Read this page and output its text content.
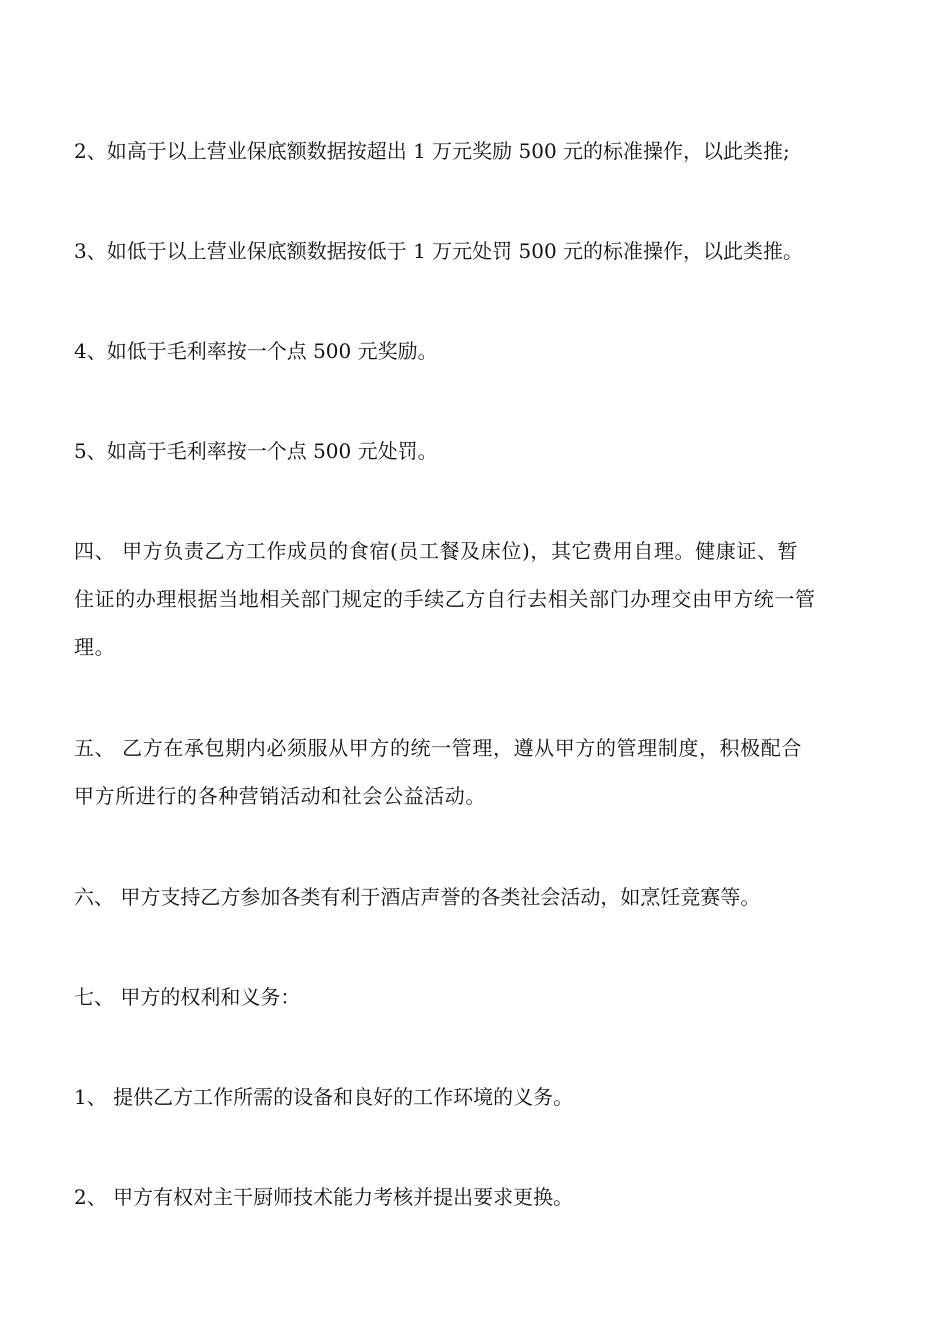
2、如高于以上营业保底额数据按超出 1 万元奖励 500 元的标准操作，以此类推;
3、如低于以上营业保底额数据按低于 1 万元处罚 500 元的标准操作，以此类推。
4、如低于毛利率按一个点 500 元奖励。
5、如高于毛利率按一个点 500 元处罚。
四、 甲方负责乙方工作成员的食宿(员工餐及床位)，其它费用自理。健康证、暂
住证的办理根据当地相关部门规定的手续乙方自行去相关部门办理交由甲方统一管
理。
五、 乙方在承包期内必须服从甲方的统一管理，遵从甲方的管理制度，积极配合
甲方所进行的各种营销活动和社会公益活动。
六、 甲方支持乙方参加各类有利于酒店声誉的各类社会活动，如烹饪竞赛等。
七、 甲方的权利和义务：
1、 提供乙方工作所需的设备和良好的工作环境的义务。
2、 甲方有权对主干厨师技术能力考核并提出要求更换。
